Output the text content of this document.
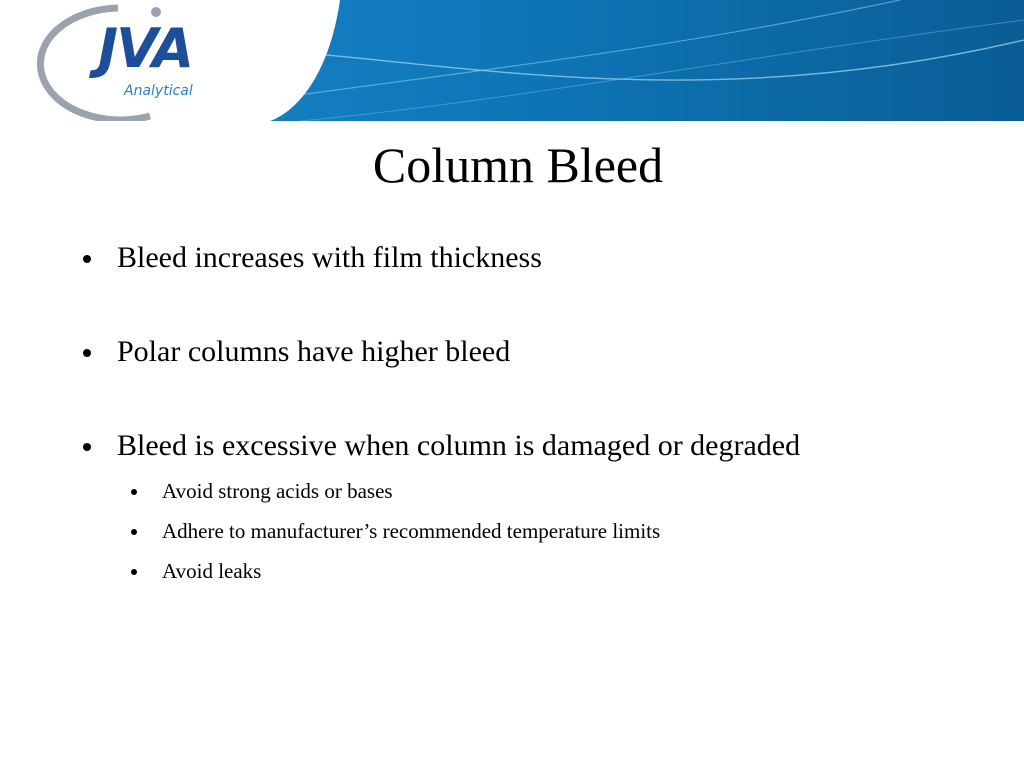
JVA
Analytical
Column Bleed
Bleed increases with film thickness
Polar columns have higher bleed
Bleed is excessive when column is damaged or degraded
Avoid strong acids or bases
Adhere to manufacturer’s recommended temperature limits
Avoid leaks
